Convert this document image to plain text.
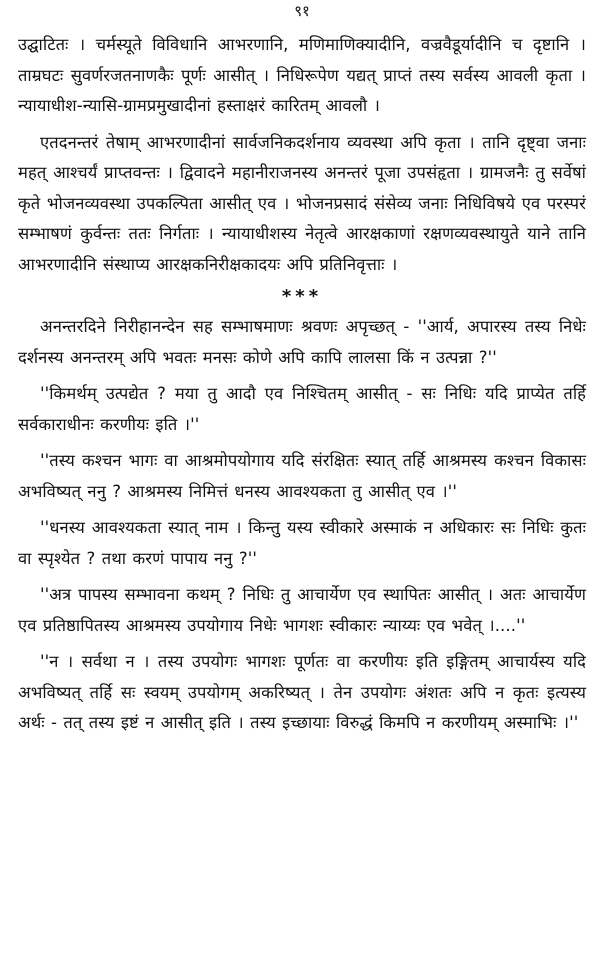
९१

उद्घाटितः । चर्मस्यूते विविधानि आभरणानि, मणिमाणिक्यादीनि, वज्रवैडूर्यादीनि च दृष्टानि । ताम्रघटः सुवर्णरजतनाणकैः पूर्णः आसीत् । निधिरूपेण यद्यत् प्राप्तं तस्य सर्वस्य आवली कृता । न्यायाधीश-न्यासि-ग्रामप्रमुखादीनां हस्ताक्षरं कारितम् आवलौ ।

एतदनन्तरं तेषाम् आभरणादीनां सार्वजनिकदर्शनाय व्यवस्था अपि कृता । तानि दृष्ट्वा जनाः महत् आश्चर्यं प्राप्तवन्तः । द्विवादने महानीराजनस्य अनन्तरं पूजा उपसंहृता । ग्रामजनैः तु सर्वेषां कृते भोजनव्यवस्था उपकल्पिता आसीत् एव । भोजनप्रसादं संसेव्य जनाः निधिविषये एव परस्परं सम्भाषणं कुर्वन्तः ततः निर्गताः । न्यायाधीशस्य नेतृत्वे आरक्षकाणां रक्षणव्यवस्थायुते याने तानि आभरणादीनि संस्थाप्य आरक्षकनिरीक्षकादयः अपि प्रतिनिवृत्ताः ।

***

अनन्तरदिने निरीहानन्देन सह सम्भाषमाणः श्रवणः अपृच्छत् - ''आर्य, अपारस्य तस्य निधेः दर्शनस्य अनन्तरम् अपि भवतः मनसः कोणे अपि कापि लालसा किं न उत्पन्ना ?''

''किमर्थम् उत्पद्येत ? मया तु आदौ एव निश्चितम् आसीत् - सः निधिः यदि प्राप्येत तर्हि सर्वकाराधीनः करणीयः इति ।''

''तस्य कश्चन भागः वा आश्रमोपयोगाय यदि संरक्षितः स्यात् तर्हि आश्रमस्य कश्चन विकासः अभविष्यत् ननु ? आश्रमस्य निमित्तं धनस्य आवश्यकता तु आसीत् एव ।''

''धनस्य आवश्यकता स्यात् नाम । किन्तु यस्य स्वीकारे अस्माकं न अधिकारः सः निधिः कुतः वा स्पृश्येत ? तथा करणं पापाय ननु ?''

''अत्र पापस्य सम्भावना कथम् ? निधिः तु आचार्येण एव स्थापितः आसीत् । अतः आचार्येण एव प्रतिष्ठापितस्य आश्रमस्य उपयोगाय निधेः भागशः स्वीकारः न्याय्यः एव भवेत् ।....''

''न । सर्वथा न । तस्य उपयोगः भागशः पूर्णतः वा करणीयः इति इङ्गितम् आचार्यस्य यदि अभविष्यत् तर्हि सः स्वयम् उपयोगम् अकरिष्यत् । तेन उपयोगः अंशतः अपि न कृतः इत्यस्य अर्थः - तत् तस्य इष्टं न आसीत् इति । तस्य इच्छायाः विरुद्धं किमपि न करणीयम् अस्माभिः ।''
